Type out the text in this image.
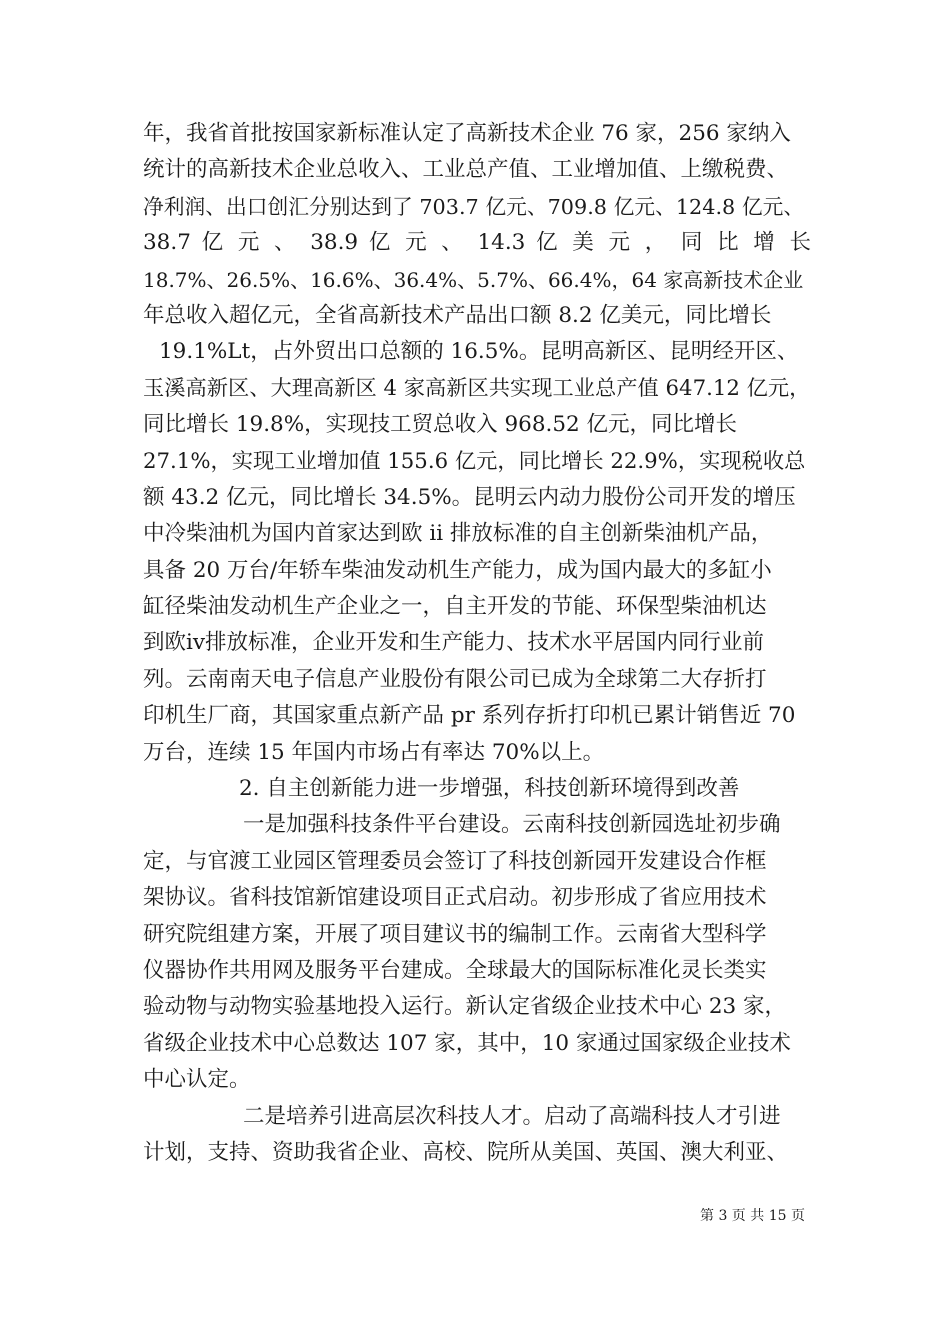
年，我省首批按国家新标准认定了高新技术企业 76 家，256 家纳入
统计的高新技术企业总收入、工业总产值、工业增加值、上缴税费、
净利润、出口创汇分别达到了 703.7 亿元、709.8 亿元、124.8 亿元、
38.7 亿 元 、 38.9 亿 元 、 14.3 亿 美 元 ， 同 比 增 长
18.7%、26.5%、16.6%、36.4%、5.7%、66.4%，64 家高新技术企业
年总收入超亿元，全省高新技术产品出口额 8.2 亿美元，同比增长
19.1%Lt，占外贸出口总额的 16.5%。昆明高新区、昆明经开区、
玉溪高新区、大理高新区 4 家高新区共实现工业总产值 647.12 亿元，
同比增长 19.8%，实现技工贸总收入 968.52 亿元，同比增长
27.1%，实现工业增加值 155.6 亿元，同比增长 22.9%，实现税收总
额 43.2 亿元，同比增长 34.5%。昆明云内动力股份公司开发的增压
中冷柴油机为国内首家达到欧 ii 排放标准的自主创新柴油机产品，
具备 20 万台/年轿车柴油发动机生产能力，成为国内最大的多缸小
缸径柴油发动机生产企业之一，自主开发的节能、环保型柴油机达
到欧ⅳ排放标准，企业开发和生产能力、技术水平居国内同行业前
列。云南南天电子信息产业股份有限公司已成为全球第二大存折打
印机生厂商，其国家重点新产品 pr 系列存折打印机已累计销售近 70
万台，连续 15 年国内市场占有率达 70%以上。
2. 自主创新能力进一步增强，科技创新环境得到改善
一是加强科技条件平台建设。云南科技创新园选址初步确
定，与官渡工业园区管理委员会签订了科技创新园开发建设合作框
架协议。省科技馆新馆建设项目正式启动。初步形成了省应用技术
研究院组建方案，开展了项目建议书的编制工作。云南省大型科学
仪器协作共用网及服务平台建成。全球最大的国际标准化灵长类实
验动物与动物实验基地投入运行。新认定省级企业技术中心 23 家，
省级企业技术中心总数达 107 家，其中，10 家通过国家级企业技术
中心认定。
二是培养引进高层次科技人才。启动了高端科技人才引进
计划，支持、资助我省企业、高校、院所从美国、英国、澳大利亚、
第 3 页 共 15 页
